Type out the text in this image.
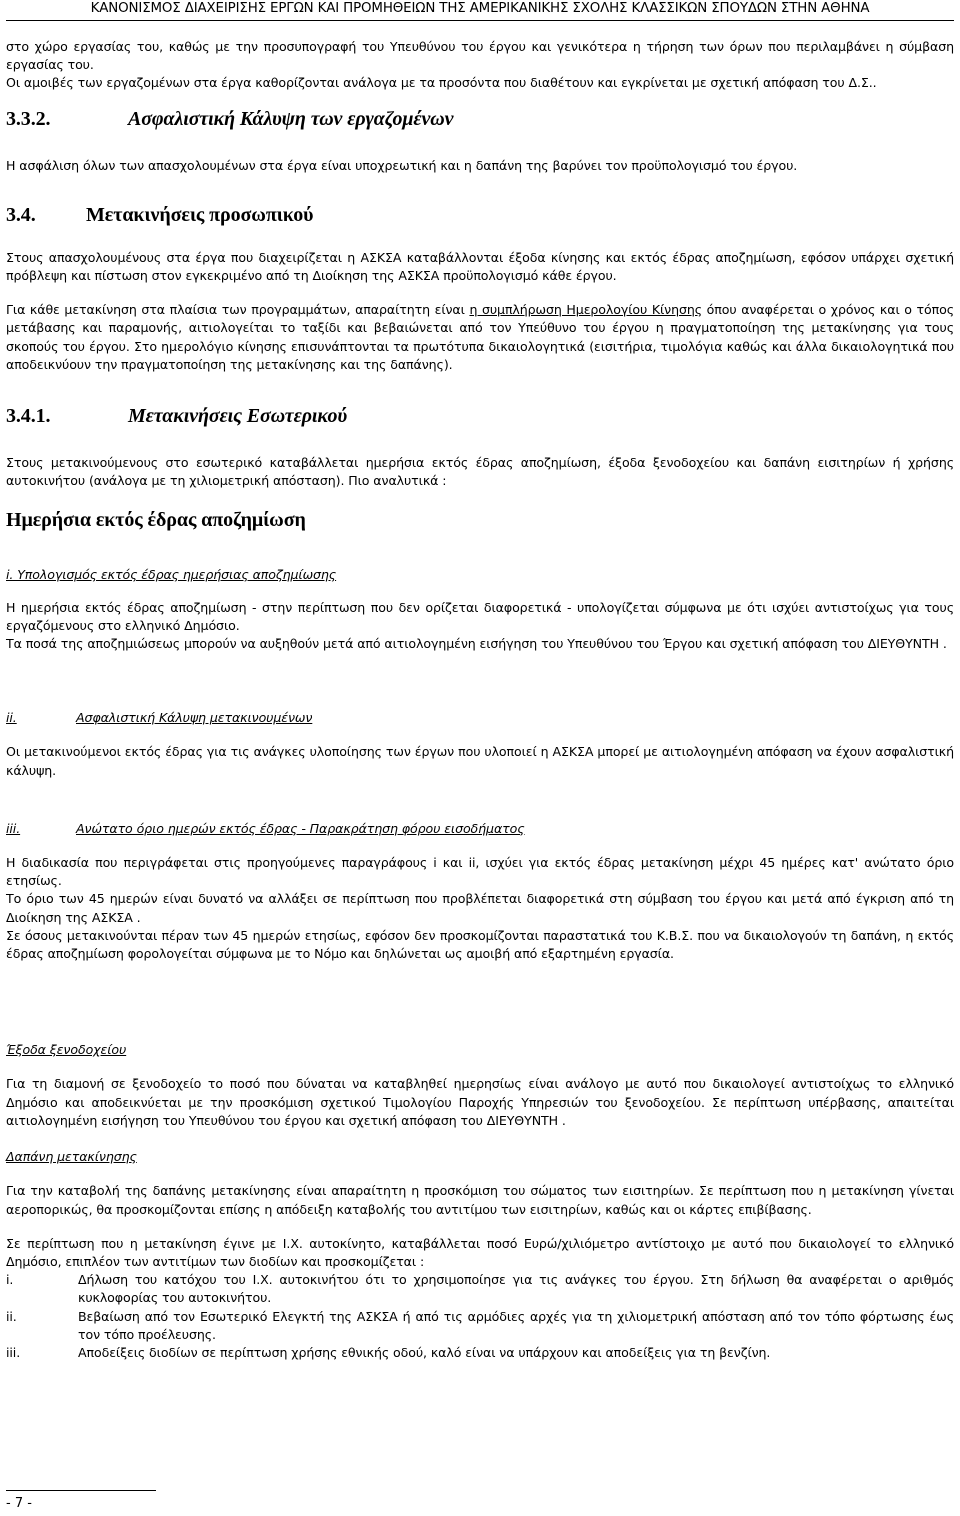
ΚΑΝΟΝΙΣΜΟΣ ΔΙΑΧΕΙΡΙΣΗΣ ΕΡΓΩΝ ΚΑΙ ΠΡΟΜΗΘΕΙΩΝ ΤΗΣ ΑΜΕΡΙΚΑΝΙΚΗΣ ΣΧΟΛΗΣ ΚΛΑΣΣΙΚΩΝ ΣΠΟΥΔΩΝ ΣΤΗΝ ΑΘΗΝΑ

στο χώρο εργασίας του, καθώς με την προσυπογραφή του Υπευθύνου του έργου και γενικότερα η τήρηση των όρων που περιλαμβάνει η σύμβαση εργασίας του.

Οι αμοιβές των εργαζομένων στα έργα καθορίζονται ανάλογα με τα προσόντα που διαθέτουν και εγκρίνεται με σχετική απόφαση του Δ.Σ..

3.3.2.	Ασφαλιστική Κάλυψη των εργαζομένων

Η ασφάλιση όλων των απασχολουμένων στα έργα είναι υποχρεωτική και η δαπάνη της βαρύνει τον προϋπολογισμό του έργου.

3.4.	Μετακινήσεις προσωπικού

Στους απασχολουμένους στα έργα που διαχειρίζεται η ΑΣΚΣΑ καταβάλλονται έξοδα κίνησης και εκτός έδρας αποζημίωση, εφόσον υπάρχει σχετική πρόβλεψη και πίστωση στον εγκεκριμένο από τη Διοίκηση της ΑΣΚΣΑ προϋπολογισμό κάθε έργου.

Για κάθε μετακίνηση στα πλαίσια των προγραμμάτων, απαραίτητη είναι η συμπλήρωση Ημερολογίου Κίνησης όπου αναφέρεται ο χρόνος και ο τόπος μετάβασης και παραμονής, αιτιολογείται το ταξίδι και βεβαιώνεται από τον Υπεύθυνο του έργου η πραγματοποίηση της μετακίνησης για τους σκοπούς του έργου. Στο ημερολόγιο κίνησης επισυνάπτονται τα πρωτότυπα δικαιολογητικά (εισιτήρια, τιμολόγια καθώς και άλλα δικαιολογητικά που αποδεικνύουν την πραγματοποίηση της μετακίνησης και της δαπάνης).

3.4.1.	Μετακινήσεις Εσωτερικού

Στους μετακινούμενους στο εσωτερικό καταβάλλεται ημερήσια εκτός έδρας αποζημίωση, έξοδα ξενοδοχείου και δαπάνη εισιτηρίων ή χρήσης αυτοκινήτου (ανάλογα με τη χιλιομετρική απόσταση). Πιο αναλυτικά :

Ημερήσια εκτός έδρας αποζημίωση
i. Υπολογισμός εκτός έδρας ημερήσιας αποζημίωσης

Η ημερήσια εκτός έδρας αποζημίωση - στην περίπτωση που δεν ορίζεται διαφορετικά - υπολογίζεται σύμφωνα με ότι ισχύει αντιστοίχως για τους εργαζόμενους στο ελληνικό Δημόσιο.

Τα ποσά της αποζημιώσεως μπορούν να αυξηθούν μετά από αιτιολογημένη εισήγηση του Υπευθύνου του Έργου και σχετική απόφαση του ΔΙΕΥΘΥΝΤΗ .

ii.	Ασφαλιστική Κάλυψη μετακινουμένων

Οι μετακινούμενοι εκτός έδρας για τις ανάγκες υλοποίησης των έργων που υλοποιεί η ΑΣΚΣΑ μπορεί με αιτιολογημένη απόφαση να έχουν ασφαλιστική κάλυψη.

iii.	Ανώτατο όριο ημερών εκτός έδρας - Παρακράτηση φόρου εισοδήματος

Η διαδικασία που περιγράφεται στις προηγούμενες παραγράφους i και ii, ισχύει για εκτός έδρας μετακίνηση μέχρι 45 ημέρες κατ' ανώτατο όριο ετησίως.

Το όριο των 45 ημερών είναι δυνατό να αλλάξει σε περίπτωση που προβλέπεται διαφορετικά στη σύμβαση του έργου και μετά από έγκριση από τη Διοίκηση της ΑΣΚΣΑ .

Σε όσους μετακινούνται πέραν των 45 ημερών ετησίως, εφόσον δεν προσκομίζονται παραστατικά του Κ.Β.Σ. που να δικαιολογούν τη δαπάνη, η εκτός έδρας αποζημίωση φορολογείται σύμφωνα με το Νόμο και δηλώνεται ως αμοιβή από εξαρτημένη εργασία.

Έξοδα ξενοδοχείου

Για τη διαμονή σε ξενοδοχείο το ποσό που δύναται να καταβληθεί ημερησίως είναι ανάλογο με αυτό που δικαιολογεί αντιστοίχως το ελληνικό Δημόσιο και αποδεικνύεται με την προσκόμιση σχετικού Τιμολογίου Παροχής Υπηρεσιών του ξενοδοχείου. Σε περίπτωση υπέρβασης, απαιτείται αιτιολογημένη εισήγηση του Υπευθύνου του έργου και σχετική απόφαση του ΔΙΕΥΘΥΝΤΗ .

Δαπάνη μετακίνησης

Για την καταβολή της δαπάνης μετακίνησης είναι απαραίτητη η προσκόμιση του σώματος των εισιτηρίων. Σε περίπτωση που η μετακίνηση γίνεται αεροπορικώς, θα προσκομίζονται επίσης η απόδειξη καταβολής του αντιτίμου των εισιτηρίων, καθώς και οι κάρτες επιβίβασης.

Σε περίπτωση που η μετακίνηση έγινε με Ι.Χ. αυτοκίνητο, καταβάλλεται ποσό Ευρώ/χιλιόμετρο αντίστοιχο με αυτό που δικαιολογεί το ελληνικό Δημόσιο, επιπλέον των αντιτίμων των διοδίων και προσκομίζεται :

i.	Δήλωση του κατόχου του Ι.Χ. αυτοκινήτου ότι το χρησιμοποίησε για τις ανάγκες του έργου. Στη δήλωση θα αναφέρεται ο αριθμός κυκλοφορίας του αυτοκινήτου.
ii.	Βεβαίωση από τον Εσωτερικό Ελεγκτή της ΑΣΚΣΑ ή από τις αρμόδιες αρχές για τη χιλιομετρική απόσταση από τον τόπο φόρτωσης έως τον τόπο προέλευσης.
iii.	Αποδείξεις διοδίων σε περίπτωση χρήσης εθνικής οδού, καλό είναι να υπάρχουν και αποδείξεις για τη βενζίνη.
- 7 -
